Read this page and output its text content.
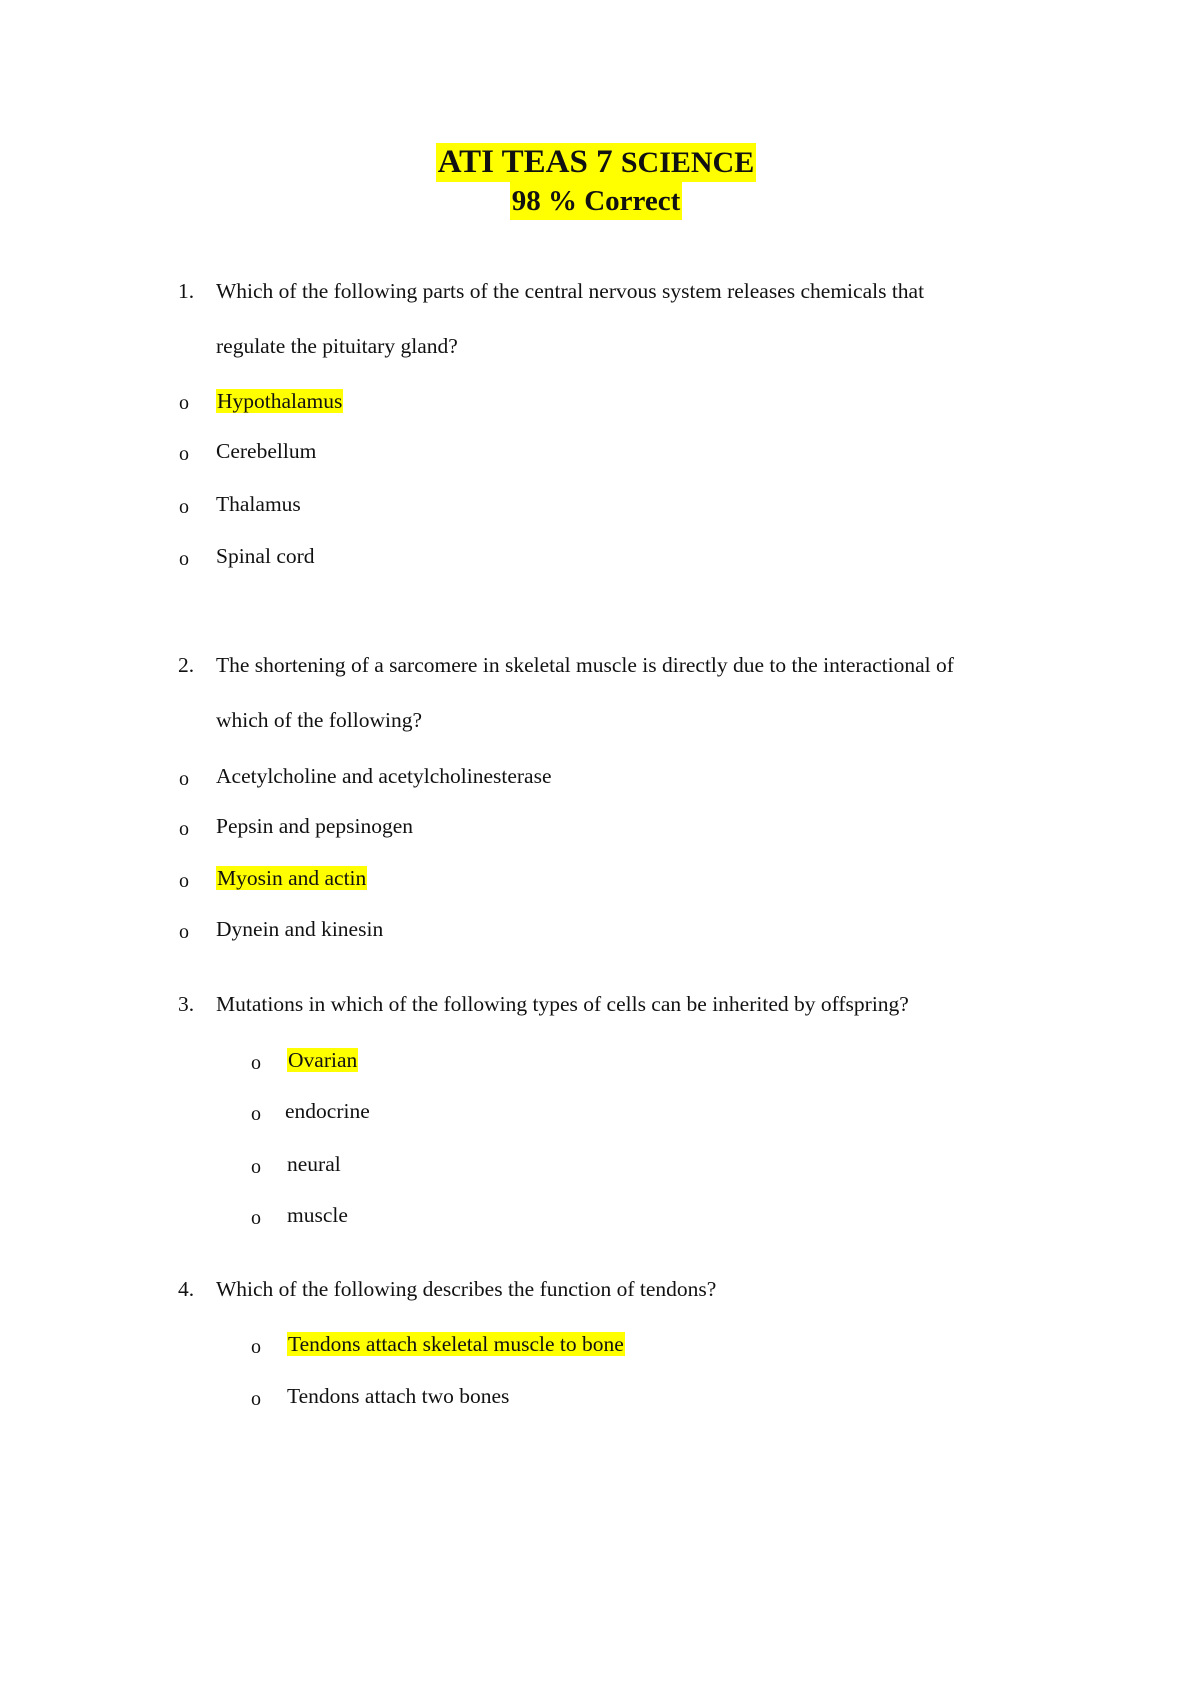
ATI TEAS 7 SCIENCE
98 % Correct
1. Which of the following parts of the central nervous system releases chemicals that
regulate the pituitary gland?
o Hypothalamus
o Cerebellum
o Thalamus
o Spinal cord
2. The shortening of a sarcomere in skeletal muscle is directly due to the interactional of
which of the following?
o Acetylcholine and acetylcholinesterase
o Pepsin and pepsinogen
o Myosin and actin
o Dynein and kinesin
3. Mutations in which of the following types of cells can be inherited by offspring?
o Ovarian
o endocrine
o neural
o muscle
4. Which of the following describes the function of tendons?
o Tendons attach skeletal muscle to bone
o Tendons attach two bones
